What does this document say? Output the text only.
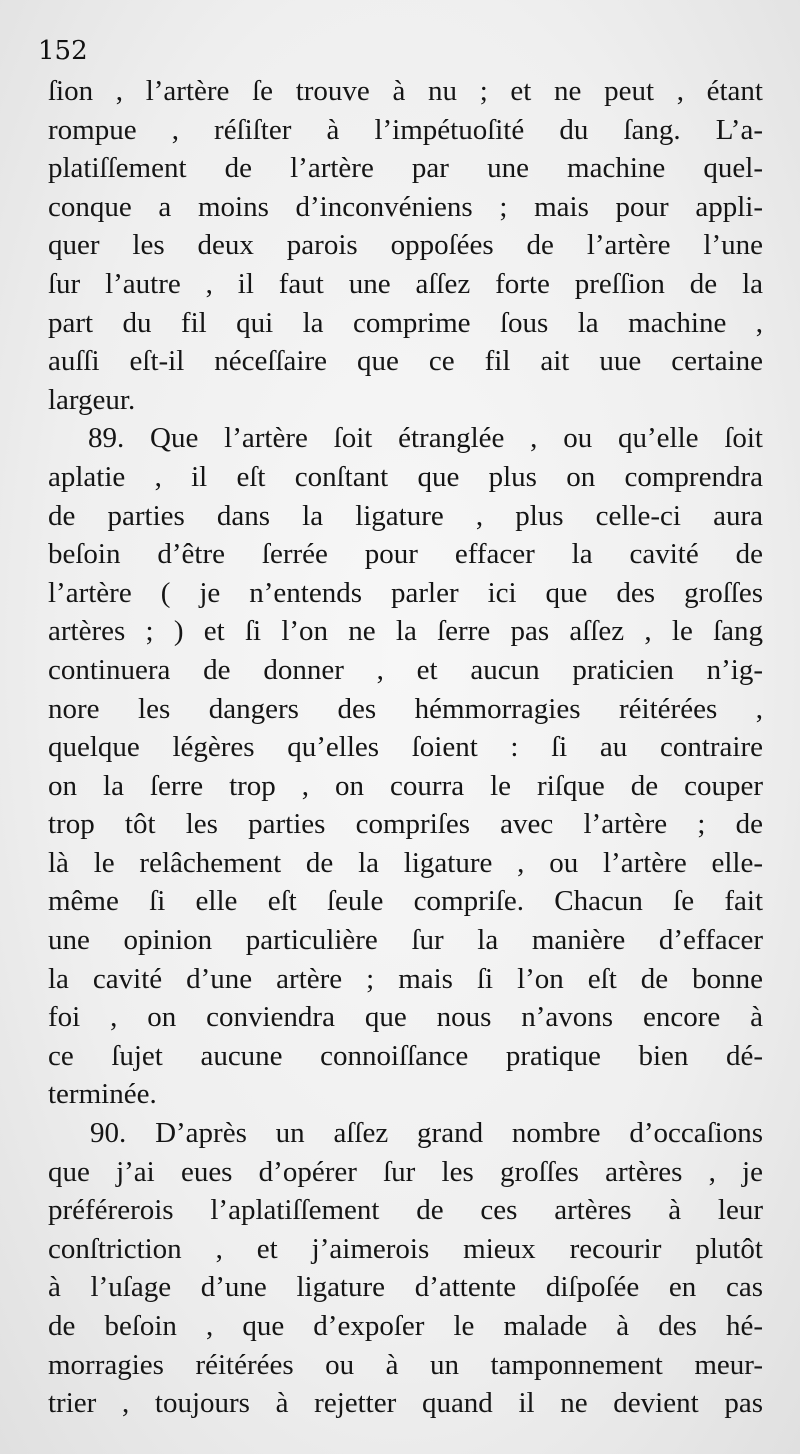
152
ſion , l’artère ſe trouve à nu ; et ne peut , étant
rompue , réſiſter à l’impétuoſité du ſang. L’a-
platiſſement de l’artère par une machine quel-
conque a moins d’inconvéniens ; mais pour appli-
quer les deux parois oppoſées de l’artère l’une
ſur l’autre , il faut une aſſez forte preſſion de la
part du fil qui la comprime ſous la machine ,
auſſi eſt-il néceſſaire que ce fil ait uue certaine
largeur.
89. Que l’artère ſoit étranglée , ou qu’elle ſoit
aplatie , il eſt conſtant que plus on comprendra
de parties dans la ligature , plus celle-ci aura
beſoin d’être ſerrée pour effacer la cavité de
l’artère ( je n’entends parler ici que des groſſes
artères ; ) et ſi l’on ne la ſerre pas aſſez , le ſang
continuera de donner , et aucun praticien n’ig-
nore les dangers des hémmorragies réitérées ,
quelque légères qu’elles ſoient : ſi au contraire
on la ſerre trop , on courra le riſque de couper
trop tôt les parties compriſes avec l’artère ; de
là le relâchement de la ligature , ou l’artère elle-
même ſi elle eſt ſeule compriſe. Chacun ſe fait
une opinion particulière ſur la manière d’effacer
la cavité d’une artère ; mais ſi l’on eſt de bonne
foi , on conviendra que nous n’avons encore à
ce ſujet aucune connoiſſance pratique bien dé-
terminée.
90. D’après un aſſez grand nombre d’occaſions
que j’ai eues d’opérer ſur les groſſes artères , je
préférerois l’aplatiſſement de ces artères à leur
conſtriction , et j’aimerois mieux recourir plutôt
à l’uſage d’une ligature d’attente diſpoſée en cas
de beſoin , que d’expoſer le malade à des hé-
morragies réitérées ou à un tamponnement meur-
trier , toujours à rejetter quand il ne devient pas
